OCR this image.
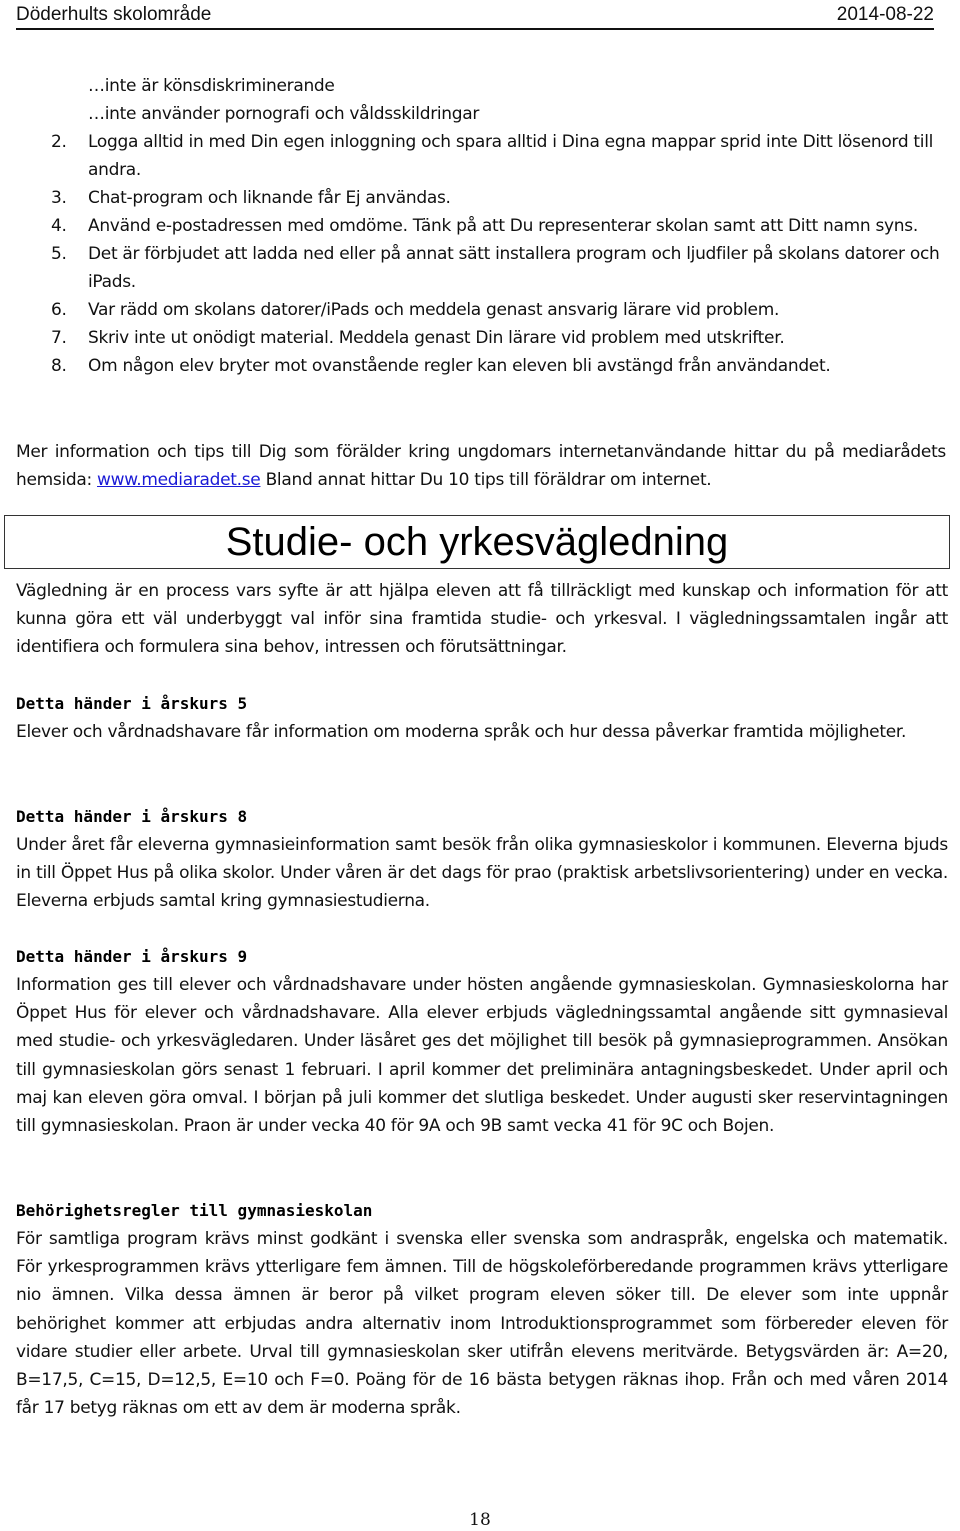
Döderhults skolområde	2014-08-22
…inte är könsdiskriminerande
…inte använder pornografi och våldsskildringar
2. Logga alltid in med Din egen inloggning och spara alltid i Dina egna mappar sprid inte Ditt lösenord till andra.
3. Chat-program och liknande får Ej användas.
4. Använd e-postadressen med omdöme. Tänk på att Du representerar skolan samt att Ditt namn syns.
5. Det är förbjudet att ladda ned eller på annat sätt installera program och ljudfiler på skolans datorer och iPads.
6. Var rädd om skolans datorer/iPads och meddela genast ansvarig lärare vid problem.
7. Skriv inte ut onödigt material. Meddela genast Din lärare vid problem med utskrifter.
8. Om någon elev bryter mot ovanstående regler kan eleven bli avstängd från användandet.
Mer information och tips till Dig som förälder kring ungdomars internetanvändande hittar du på mediarådets hemsida: www.mediaradet.se Bland annat hittar Du 10 tips till föräldrar om internet.
Studie- och yrkesvägledning
Vägledning är en process vars syfte är att hjälpa eleven att få tillräckligt med kunskap och information för att kunna göra ett väl underbyggt val inför sina framtida studie- och yrkesval. I vägledningssamtalen ingår att identifiera och formulera sina behov, intressen och förutsättningar.
Detta händer i årskurs 5
Elever och vårdnadshavare får information om moderna språk och hur dessa påverkar framtida möjligheter.
Detta händer i årskurs 8
Under året får eleverna gymnasieinformation samt besök från olika gymnasieskolor i kommunen. Eleverna bjuds in till Öppet Hus på olika skolor. Under våren är det dags för prao (praktisk arbetslivsorientering) under en vecka. Eleverna erbjuds samtal kring gymnasiestudierna.
Detta händer i årskurs 9
Information ges till elever och vårdnadshavare under hösten angående gymnasieskolan. Gymnasieskolorna har Öppet Hus för elever och vårdnadshavare. Alla elever erbjuds vägledningssamtal angående sitt gymnasieval med studie- och yrkesvägledaren. Under läsåret ges det möjlighet till besök på gymnasieprogrammen. Ansökan till gymnasieskolan görs senast 1 februari. I april kommer det preliminära antagningsbeskedet. Under april och maj kan eleven göra omval. I början på juli kommer det slutliga beskedet. Under augusti sker reservintagningen till gymnasieskolan. Praon är under vecka 40 för 9A och 9B samt vecka 41 för 9C och Bojen.
Behörighetsregler till gymnasieskolan
För samtliga program krävs minst godkänt i svenska eller svenska som andraspråk, engelska och matematik. För yrkesprogrammen krävs ytterligare fem ämnen. Till de högskoleförberedande programmen krävs ytterligare nio ämnen. Vilka dessa ämnen är beror på vilket program eleven söker till. De elever som inte uppnår behörighet kommer att erbjudas andra alternativ inom Introduktionsprogrammet som förbereder eleven för vidare studier eller arbete. Urval till gymnasieskolan sker utifrån elevens meritvärde. Betygsvärden är: A=20, B=17,5, C=15, D=12,5, E=10 och F=0. Poäng för de 16 bästa betygen räknas ihop. Från och med våren 2014 får 17 betyg räknas om ett av dem är moderna språk.
18
